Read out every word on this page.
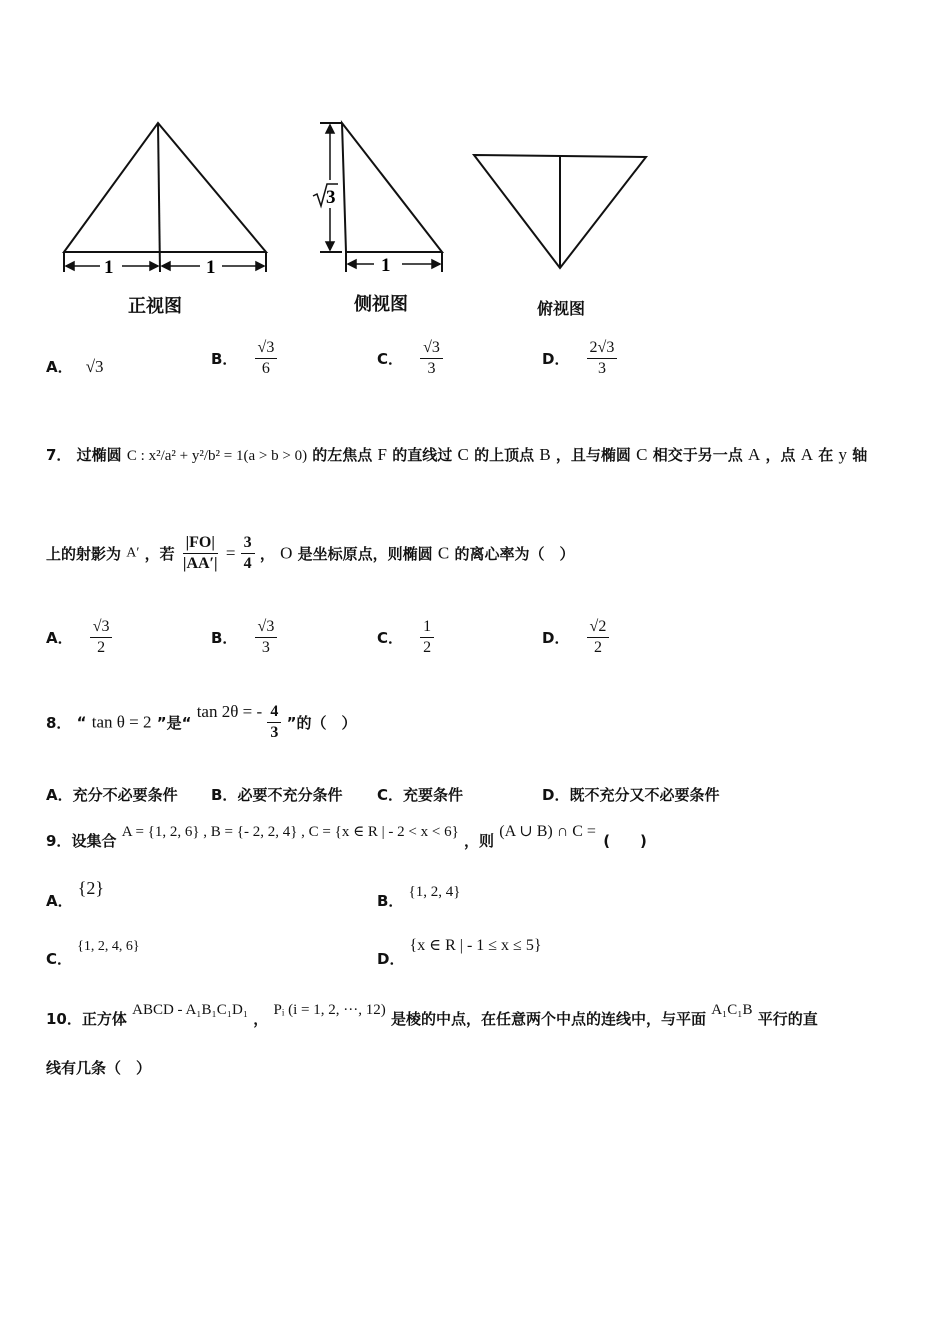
1	1	1
3
正视图	侧视图	俯视图
A． √3	B． $\frac{√3}{6}$	C． $\frac{√3}{3}$	D． $\frac{2√3}{3}$
7． 过椭圆 C : x²/a² + y²/b² = 1(a > b > 0) 的左焦点 F 的直线过 C 的上顶点 B ，且与椭圆 C 相交于另一点 A ，点 A 在 y 轴
上的射影为 A′ ，若 $\frac{|FO|}{|AA'|} = \frac{3}{4}$ ， O 是坐标原点，则椭圆 C 的离心率为（　）
A． $\frac{√3}{2}$	B． $\frac{√3}{3}$	C． $\frac{1}{2}$	D． $\frac{√2}{2}$
8． “ tan θ = 2 ”是“ tan 2θ = - $\frac{4}{3}$ ”的（　）
A．充分不必要条件 B．必要不充分条件 C．充要条件	D．既不充分又不必要条件
9．设集合 A = {1, 2, 6} , B = {- 2, 2, 4} , C = {x ∈ R | - 2 < x < 6} ，则 (A ∪ B) ∩ C = (　　)
A． {2}
B． {1, 2, 4}
C． {1, 2, 4, 6}
D． {x ∈ R | - 1 ≤ x ≤ 5}
10．正方体 ABCD - A₁B₁C₁D₁ ， Pᵢ (i = 1, 2, ···, 12) 是棱的中点，在任意两个中点的连线中，与平面 A₁C₁B 平行的直
线有几条（　）
